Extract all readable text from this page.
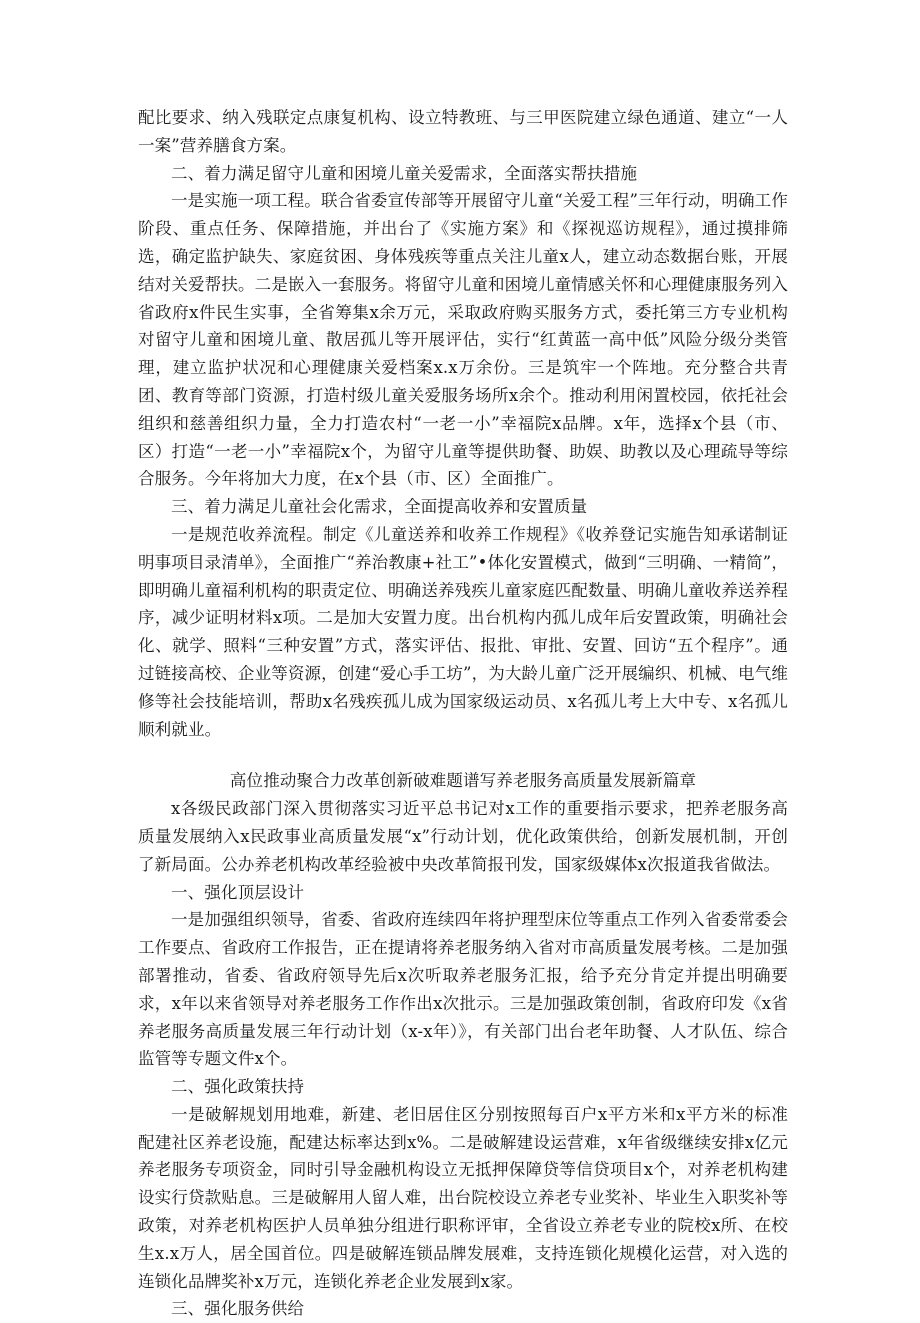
配比要求、纳入残联定点康复机构、设立特教班、与三甲医院建立绿色通道、建立“一人一案”营养膳食方案。

二、着力满足留守儿童和困境儿童关爱需求，全面落实帮扶措施

一是实施一项工程。联合省委宣传部等开展留守儿童“关爱工程”三年行动，明确工作阶段、重点任务、保障措施，并出台了《实施方案》和《探视巡访规程》，通过摸排筛选，确定监护缺失、家庭贫困、身体残疾等重点关注儿童x人，建立动态数据台账，开展结对关爱帮扶。二是嵌入一套服务。将留守儿童和困境儿童情感关怀和心理健康服务列入省政府x件民生实事，全省筹集x余万元，采取政府购买服务方式，委托第三方专业机构对留守儿童和困境儿童、散居孤儿等开展评估，实行“红黄蓝一高中低”风险分级分类管理，建立监护状况和心理健康关爱档案x.x万余份。三是筑牢一个阵地。充分整合共青团、教育等部门资源，打造村级儿童关爱服务场所x余个。推动利用闲置校园，依托社会组织和慈善组织力量，全力打造农村“一老一小”幸福院x品牌。x年，选择x个县（市、区）打造“一老一小”幸福院x个，为留守儿童等提供助餐、助娱、助教以及心理疏导等综合服务。今年将加大力度，在x个县（市、区）全面推广。

三、着力满足儿童社会化需求，全面提高收养和安置质量

一是规范收养流程。制定《儿童送养和收养工作规程》《收养登记实施告知承诺制证明事项目录清单》，全面推广“养治教康+社工”•体化安置模式，做到“三明确、一精简”，即明确儿童福利机构的职责定位、明确送养残疾儿童家庭匹配数量、明确儿童收养送养程序，减少证明材料x项。二是加大安置力度。出台机构内孤儿成年后安置政策，明确社会化、就学、照料“三种安置”方式，落实评估、报批、审批、安置、回访“五个程序”。通过链接高校、企业等资源，创建“爱心手工坊”，为大龄儿童广泛开展编织、机械、电气维修等社会技能培训，帮助x名残疾孤儿成为国家级运动员、x名孤儿考上大中专、x名孤儿顺利就业。

高位推动聚合力改革创新破难题谱写养老服务高质量发展新篇章

x各级民政部门深入贯彻落实习近平总书记对x工作的重要指示要求，把养老服务高质量发展纳入x民政事业高质量发展“x”行动计划，优化政策供给，创新发展机制，开创了新局面。公办养老机构改革经验被中央改革简报刊发，国家级媒体x次报道我省做法。

一、强化顶层设计

一是加强组织领导，省委、省政府连续四年将护理型床位等重点工作列入省委常委会工作要点、省政府工作报告，正在提请将养老服务纳入省对市高质量发展考核。二是加强部署推动，省委、省政府领导先后x次听取养老服务汇报，给予充分肯定并提出明确要求，x年以来省领导对养老服务工作作出x次批示。三是加强政策创制，省政府印发《x省养老服务高质量发展三年行动计划（x-x年）》，有关部门出台老年助餐、人才队伍、综合监管等专题文件x个。

二、强化政策扶持

一是破解规划用地难，新建、老旧居住区分别按照每百户x平方米和x平方米的标准配建社区养老设施，配建达标率达到x%。二是破解建设运营难，x年省级继续安排x亿元养老服务专项资金，同时引导金融机构设立无抵押保障贷等信贷项目x个，对养老机构建设实行贷款贴息。三是破解用人留人难，出台院校设立养老专业奖补、毕业生入职奖补等政策，对养老机构医护人员单独分组进行职称评审，全省设立养老专业的院校x所、在校生x.x万人，居全国首位。四是破解连锁品牌发展难，支持连锁化规模化运营，对入选的连锁化品牌奖补x万元，连锁化养老企业发展到x家。

三、强化服务供给
